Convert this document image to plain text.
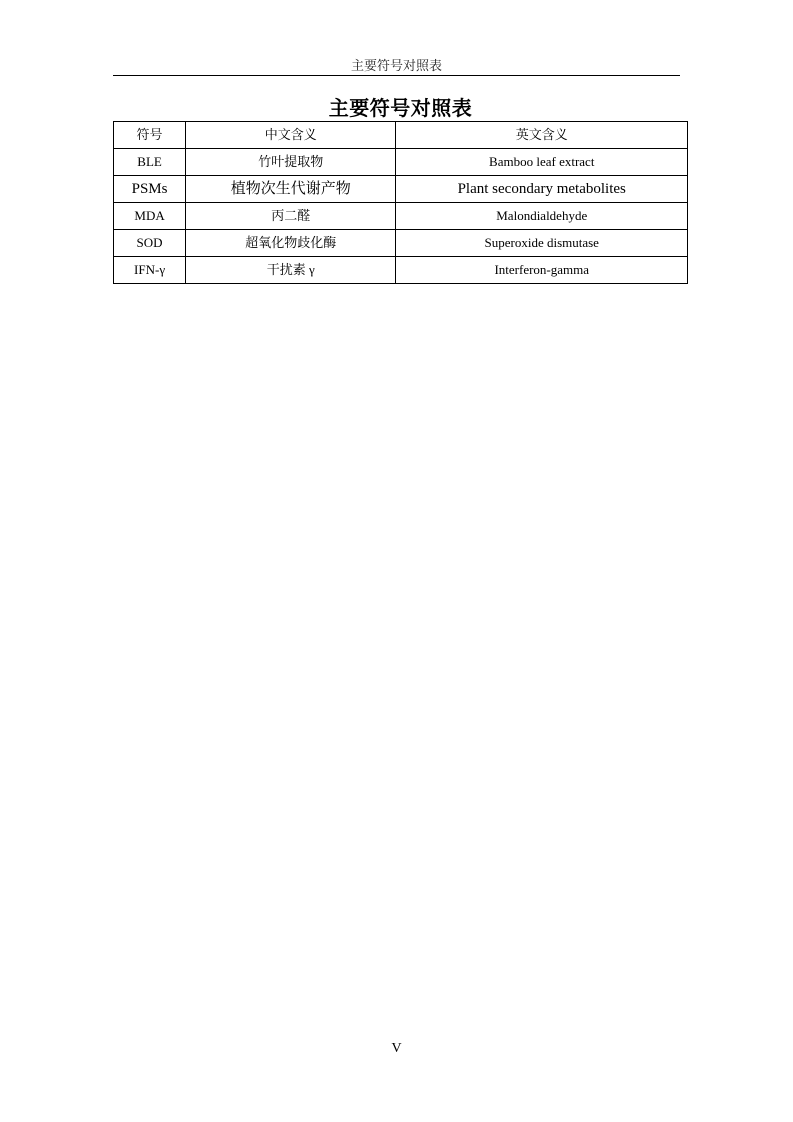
主要符号对照表
主要符号对照表
符号	中文含义	英文含义
BLE	竹叶提取物	Bamboo leaf extract
PSMs	植物次生代谢产物	Plant secondary metabolites
MDA	丙二醛	Malondialdehyde
SOD	超氧化物歧化酶	Superoxide dismutase
IFN-γ	干扰素 γ	Interferon-gamma
V
